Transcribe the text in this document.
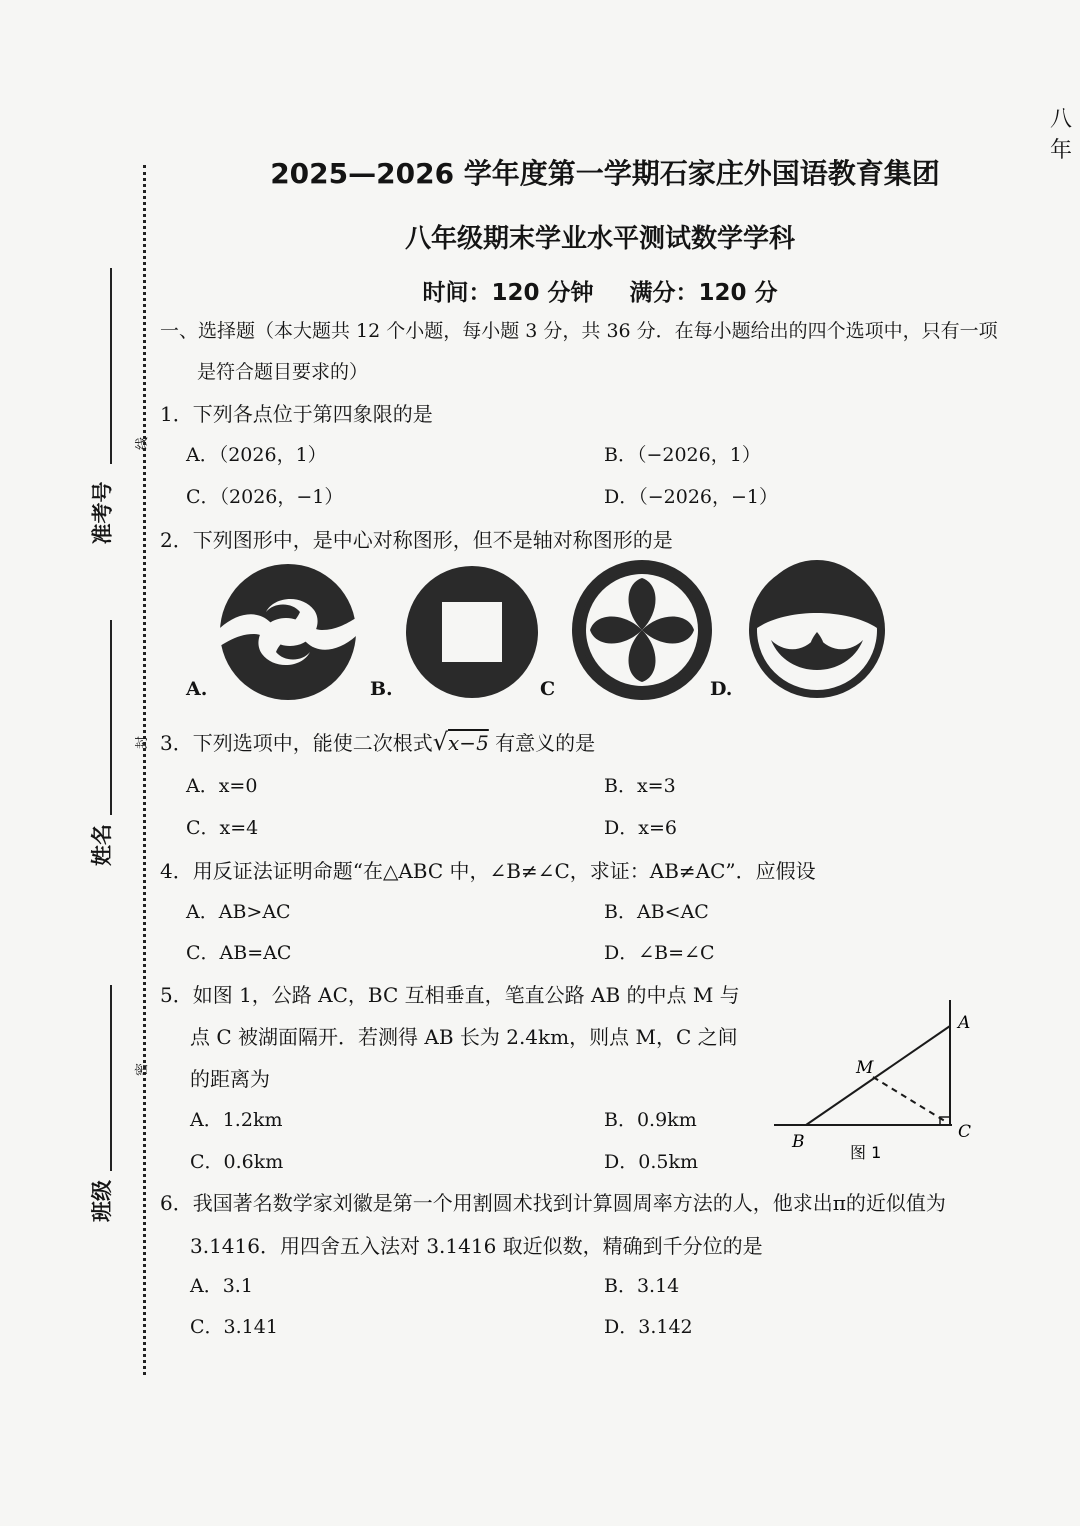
八年
线
封
密
准考号
姓名
班级
2025—2026 学年度第一学期石家庄外国语教育集团
八年级期末学业水平测试数学学科
时间：120 分钟 满分：120 分
一、选择题（本大题共 12 个小题，每小题 3 分，共 36 分．在每小题给出的四个选项中，只有一项
是符合题目要求的）
1．下列各点位于第四象限的是
A．（2026，1）	B．（−2026，1）
C．（2026，−1）	D．（−2026，−1）
2．下列图形中，是中心对称图形，但不是轴对称图形的是
A.	B.	C	D.
3．下列选项中，能使二次根式√x−5 有意义的是
A．x=0	B．x=3
C．x=4	D．x=6
4．用反证法证明命题“在△ABC 中，∠B≠∠C，求证：AB≠AC”．应假设
A．AB>AC	B．AB<AC
C．AB=AC	D．∠B=∠C
5．如图 1，公路 AC，BC 互相垂直，笔直公路 AB 的中点 M 与
点 C 被湖面隔开．若测得 AB 长为 2.4km，则点 M，C 之间
的距离为
A．1.2km	B．0.9km
C．0.6km	D．0.5km
A
M
B	C
图 1
6．我国著名数学家刘徽是第一个用割圆术找到计算圆周率方法的人，他求出π的近似值为
3.1416．用四舍五入法对 3.1416 取近似数，精确到千分位的是
A．3.1	B．3.14
C．3.141	D．3.142
